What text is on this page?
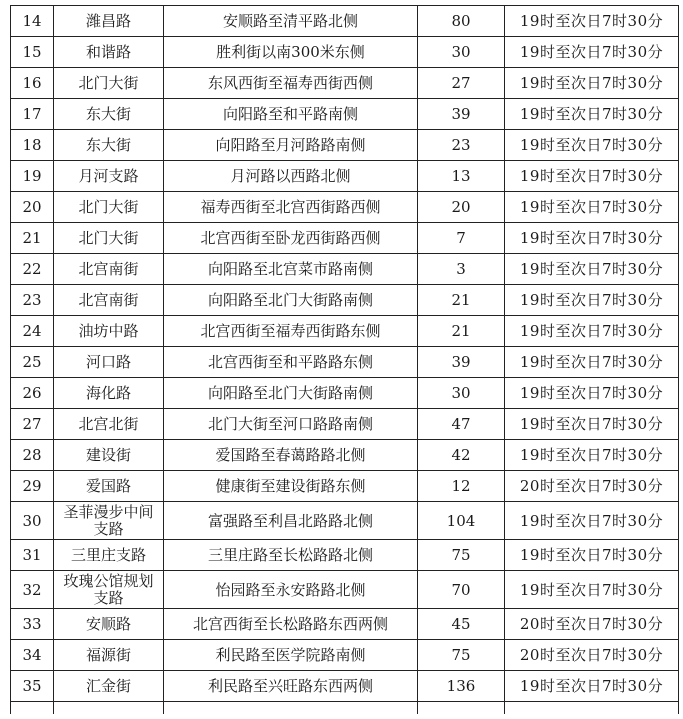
14	潍昌路	安顺路至清平路北侧	80	19时至次日7时30分
15	和谐路	胜利街以南300米东侧	30	19时至次日7时30分
16	北门大街	东风西街至福寿西街西侧	27	19时至次日7时30分
17	东大街	向阳路至和平路南侧	39	19时至次日7时30分
18	东大街	向阳路至月河路路南侧	23	19时至次日7时30分
19	月河支路	月河路以西路北侧	13	19时至次日7时30分
20	北门大街	福寿西街至北宫西街路西侧	20	19时至次日7时30分
21	北门大街	北宫西街至卧龙西街路西侧	7	19时至次日7时30分
22	北宫南街	向阳路至北宫菜市路南侧	3	19时至次日7时30分
23	北宫南街	向阳路至北门大街路南侧	21	19时至次日7时30分
24	油坊中路	北宫西街至福寿西街路东侧	21	19时至次日7时30分
25	河口路	北宫西街至和平路路东侧	39	19时至次日7时30分
26	海化路	向阳路至北门大街路南侧	30	19时至次日7时30分
27	北宫北街	北门大街至河口路路南侧	47	19时至次日7时30分
28	建设街	爱国路至春蔼路路北侧	42	19时至次日7时30分
29	爱国路	健康街至建设街路东侧	12	20时至次日7时30分
30	圣菲漫步中间支路	富强路至利昌北路路北侧	104	19时至次日7时30分
31	三里庄支路	三里庄路至长松路路北侧	75	19时至次日7时30分
32	玫瑰公馆规划支路	怡园路至永安路路北侧	70	19时至次日7时30分
33	安顺路	北宫西街至长松路路东西两侧	45	20时至次日7时30分
34	福源街	利民路至医学院路南侧	75	20时至次日7时30分
35	汇金街	利民路至兴旺路东西两侧	136	19时至次日7时30分
